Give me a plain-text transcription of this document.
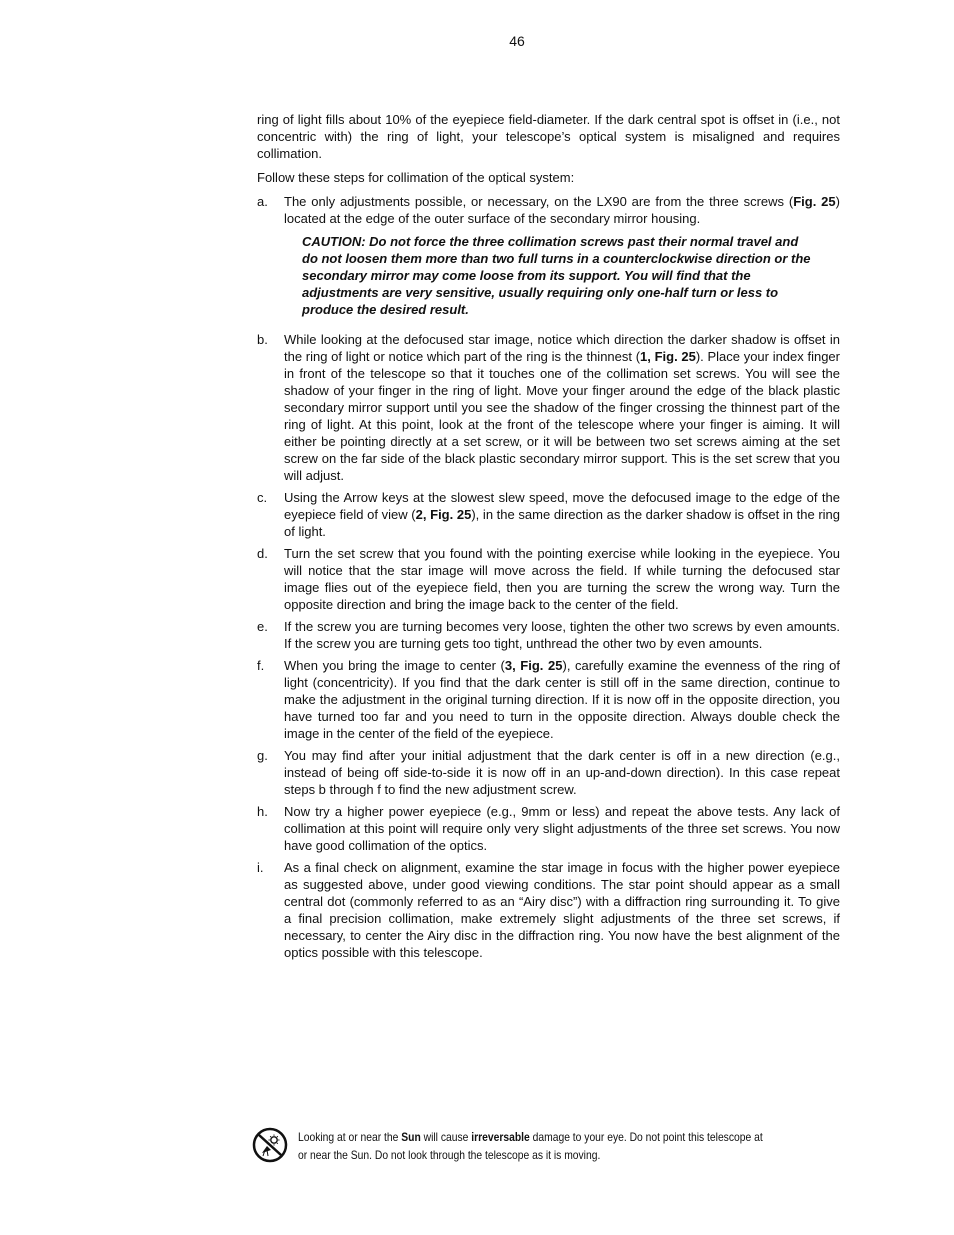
46

ring of light fills about 10% of the eyepiece field-diameter. If the dark central spot is offset in (i.e., not concentric with) the ring of light, your telescope’s optical system is misaligned and requires collimation.

Follow these steps for collimation of the optical system:

a.	The only adjustments possible, or necessary, on the LX90 are from the three screws (Fig. 25) located at the edge of the outer surface of the secondary mirror housing.
CAUTION: Do not force the three collimation screws past their normal travel and do not loosen them more than two full turns in a counterclockwise direction or the secondary mirror may come loose from its support. You will find that the adjustments are very sensitive, usually requiring only one-half turn or less to produce the desired result.
b.	While looking at the defocused star image, notice which direction the darker shadow is offset in the ring of light or notice which part of the ring is the thinnest (1, Fig. 25). Place your index finger in front of the telescope so that it touches one of the collimation set screws. You will see the shadow of your finger in the ring of light. Move your finger around the edge of the black plastic secondary mirror support until you see the shadow of the finger crossing the thinnest part of the ring of light. At this point, look at the front of the telescope where your finger is aiming. It will either be pointing directly at a set screw, or it will be between two set screws aiming at the set screw on the far side of the black plastic secondary mirror support. This is the set screw that you will adjust.
c.	Using the Arrow keys at the slowest slew speed, move the defocused image to the edge of the eyepiece field of view (2, Fig. 25), in the same direction as the darker shadow is offset in the ring of light.
d.	Turn the set screw that you found with the pointing exercise while looking in the eyepiece. You will notice that the star image will move across the field. If while turning the defocused star image flies out of the eyepiece field, then you are turning the screw the wrong way. Turn the opposite direction and bring the image back to the center of the field.
e.	If the screw you are turning becomes very loose, tighten the other two screws by even amounts. If the screw you are turning gets too tight, unthread the other two by even amounts.
f.	When you bring the image to center (3, Fig. 25), carefully examine the evenness of the ring of light (concentricity). If you find that the dark center is still off in the same direction, continue to make the adjustment in the original turning direction. If it is now off in the opposite direction, you have turned too far and you need to turn in the opposite direction. Always double check the image in the center of the field of the eyepiece.
g.	You may find after your initial adjustment that the dark center is off in a new direction (e.g., instead of being off side-to-side it is now off in an up-and-down direction). In this case repeat steps b through f to find the new adjustment screw.
h.	Now try a higher power eyepiece (e.g., 9mm or less) and repeat the above tests. Any lack of collimation at this point will require only very slight adjustments of the three set screws. You now have good collimation of the optics.
i.	As a final check on alignment, examine the star image in focus with the higher power eyepiece as suggested above, under good viewing conditions. The star point should appear as a small central dot (commonly referred to as an “Airy disc”) with a diffraction ring surrounding it. To give a final precision collimation, make extremely slight adjustments of the three set screws, if necessary, to center the Airy disc in the diffraction ring. You now have the best alignment of the optics possible with this telescope.
Looking at or near the Sun will cause irreversable damage to your eye. Do not point this telescope at or near the Sun. Do not look through the telescope as it is moving.
